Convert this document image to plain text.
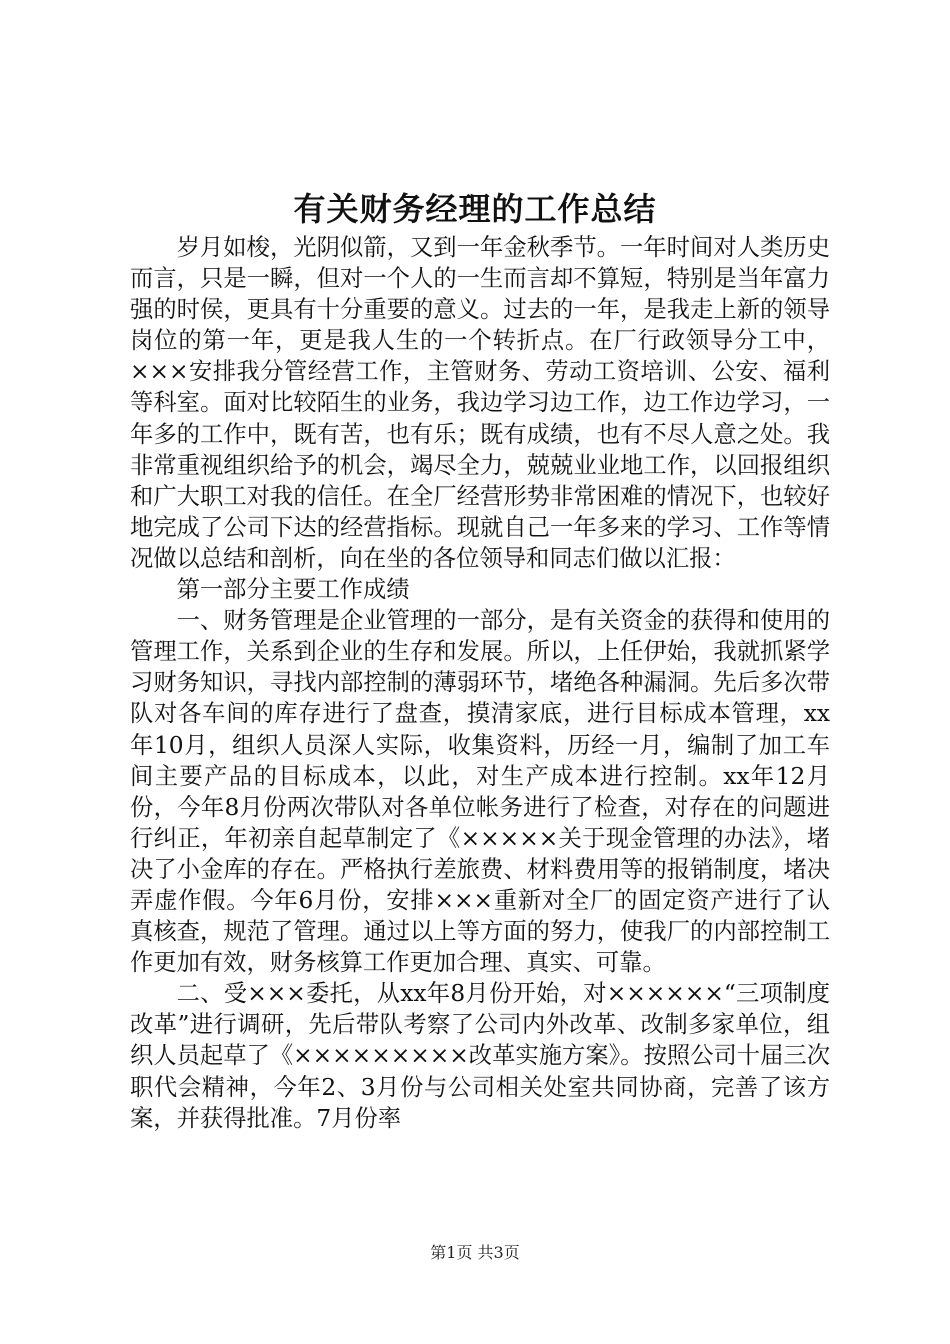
有关财务经理的工作总结

岁月如梭，光阴似箭，又到一年金秋季节。一年时间对人类历史而言，只是一瞬，但对一个人的一生而言却不算短，特别是当年富力强的时侯，更具有十分重要的意义。过去的一年，是我走上新的领导岗位的第一年，更是我人生的一个转折点。在厂行政领导分工中，×××安排我分管经营工作，主管财务、劳动工资培训、公安、福利等科室。面对比较陌生的业务，我边学习边工作，边工作边学习，一年多的工作中，既有苦，也有乐；既有成绩，也有不尽人意之处。我非常重视组织给予的机会，竭尽全力，兢兢业业地工作，以回报组织和广大职工对我的信任。在全厂经营形势非常困难的情况下，也较好地完成了公司下达的经营指标。现就自己一年多来的学习、工作等情况做以总结和剖析，向在坐的各位领导和同志们做以汇报：

第一部分主要工作成绩

一、财务管理是企业管理的一部分，是有关资金的获得和使用的管理工作，关系到企业的生存和发展。所以，上任伊始，我就抓紧学习财务知识，寻找内部控制的薄弱环节，堵绝各种漏洞。先后多次带队对各车间的库存进行了盘查，摸清家底，进行目标成本管理，xx年10月，组织人员深人实际，收集资料，历经一月，编制了加工车间主要产品的目标成本，以此，对生产成本进行控制。xx年12月份，今年8月份两次带队对各单位帐务进行了检查，对存在的问题进行纠正，年初亲自起草制定了《×××××关于现金管理的办法》，堵决了小金库的存在。严格执行差旅费、材料费用等的报销制度，堵决弄虚作假。今年6月份，安排×××重新对全厂的固定资产进行了认真核查，规范了管理。通过以上等方面的努力，使我厂的内部控制工作更加有效，财务核算工作更加合理、真实、可靠。

二、受×××委托，从xx年8月份开始，对××××××“三项制度改革”进行调研，先后带队考察了公司内外改革、改制多家单位，组织人员起草了《×××××××××改革实施方案》。按照公司十届三次职代会精神，今年2、3月份与公司相关处室共同协商，完善了该方案，并获得批准。7月份率

第1页 共3页
